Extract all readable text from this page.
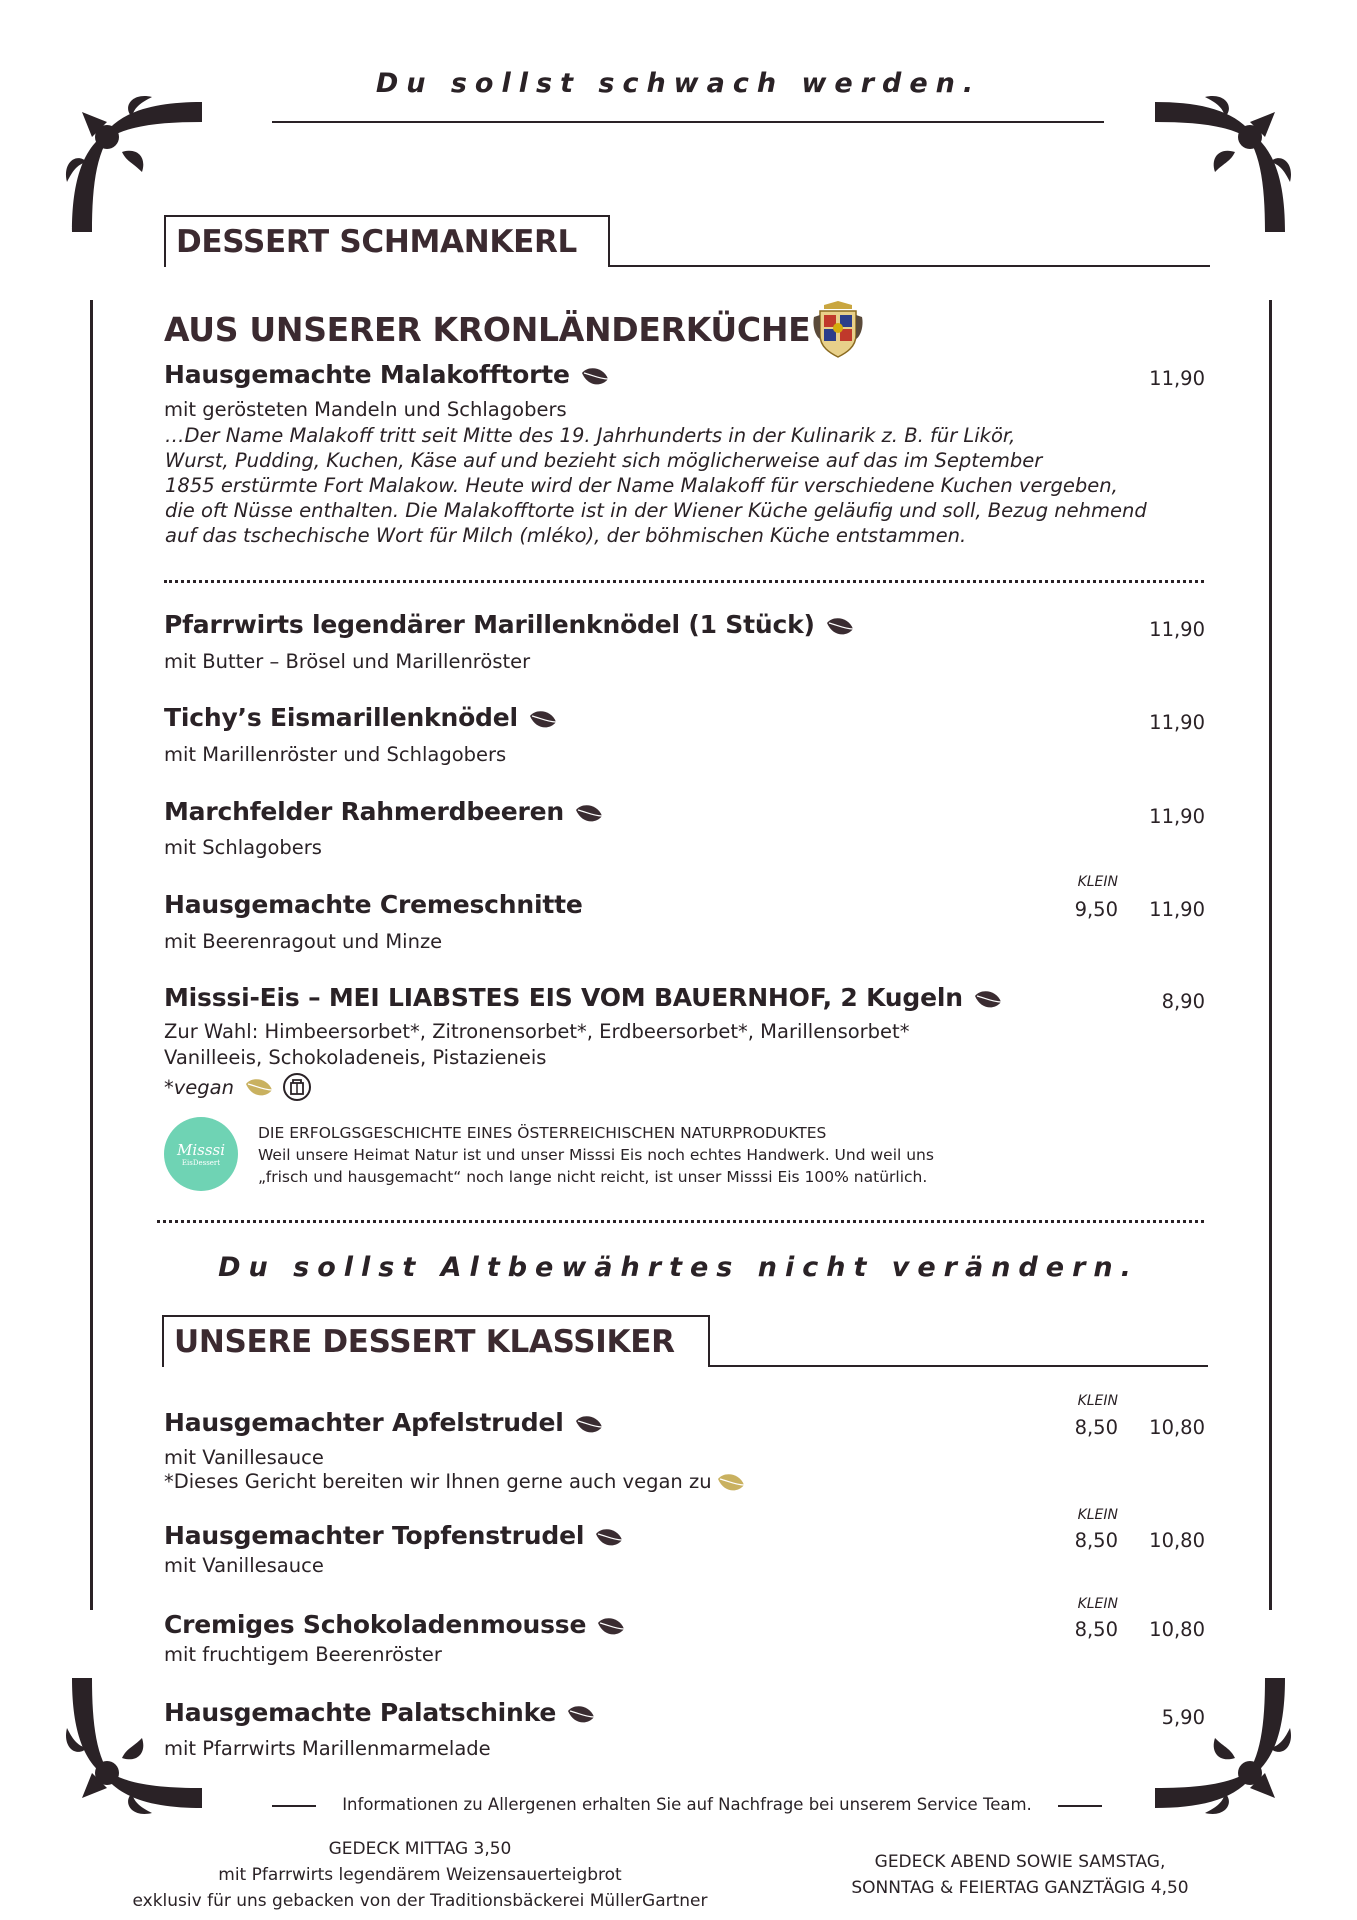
Du sollst schwach werden.
DESSERT SCHMANKERL
AUS UNSERER KRONLÄNDERKÜCHE
Hausgemachte Malakofftorte	11,90
mit gerösteten Mandeln und Schlagobers
…Der Name Malakoff tritt seit Mitte des 19. Jahrhunderts in der Kulinarik z. B. für Likör,
Wurst, Pudding, Kuchen, Käse auf und bezieht sich möglicherweise auf das im September
1855 erstürmte Fort Malakow. Heute wird der Name Malakoff für verschiedene Kuchen vergeben,
die oft Nüsse enthalten. Die Malakofftorte ist in der Wiener Küche geläufig und soll, Bezug nehmend
auf das tschechische Wort für Milch (mléko), der böhmischen Küche entstammen.
Pfarrwirts legendärer Marillenknödel (1 Stück)	11,90
mit Butter – Brösel und Marillenröster
Tichy’s Eismarillenknödel	11,90
mit Marillenröster und Schlagobers
Marchfelder Rahmerdbeeren	11,90
mit Schlagobers
KLEIN
Hausgemachte Cremeschnitte	9,50	11,90
mit Beerenragout und Minze
Misssi-Eis – MEI LIABSTES EIS VOM BAUERNHOF, 2 Kugeln	8,90
Zur Wahl: Himbeersorbet*, Zitronensorbet*, Erdbeersorbet*, Marillensorbet*
Vanilleeis, Schokoladeneis, Pistazieneis
*vegan
Misssi
EisDessert
DIE ERFOLGSGESCHICHTE EINES ÖSTERREICHISCHEN NATURPRODUKTES
Weil unsere Heimat Natur ist und unser Misssi Eis noch echtes Handwerk. Und weil uns
„frisch und hausgemacht“ noch lange nicht reicht, ist unser Misssi Eis 100% natürlich.
Du sollst Altbewährtes nicht verändern.
UNSERE DESSERT KLASSIKER
KLEIN
Hausgemachter Apfelstrudel	8,50	10,80
mit Vanillesauce
*Dieses Gericht bereiten wir Ihnen gerne auch vegan zu
KLEIN
Hausgemachter Topfenstrudel	8,50	10,80
mit Vanillesauce
KLEIN
Cremiges Schokoladenmousse	8,50	10,80
mit fruchtigem Beerenröster
Hausgemachte Palatschinke	5,90
mit Pfarrwirts Marillenmarmelade
Informationen zu Allergenen erhalten Sie auf Nachfrage bei unserem Service Team.
GEDECK MITTAG 3,50
mit Pfarrwirts legendärem Weizensauerteigbrot
exklusiv für uns gebacken von der Traditionsbäckerei MüllerGartner
GEDECK ABEND SOWIE SAMSTAG,
SONNTAG & FEIERTAG GANZTÄGIG 4,50
